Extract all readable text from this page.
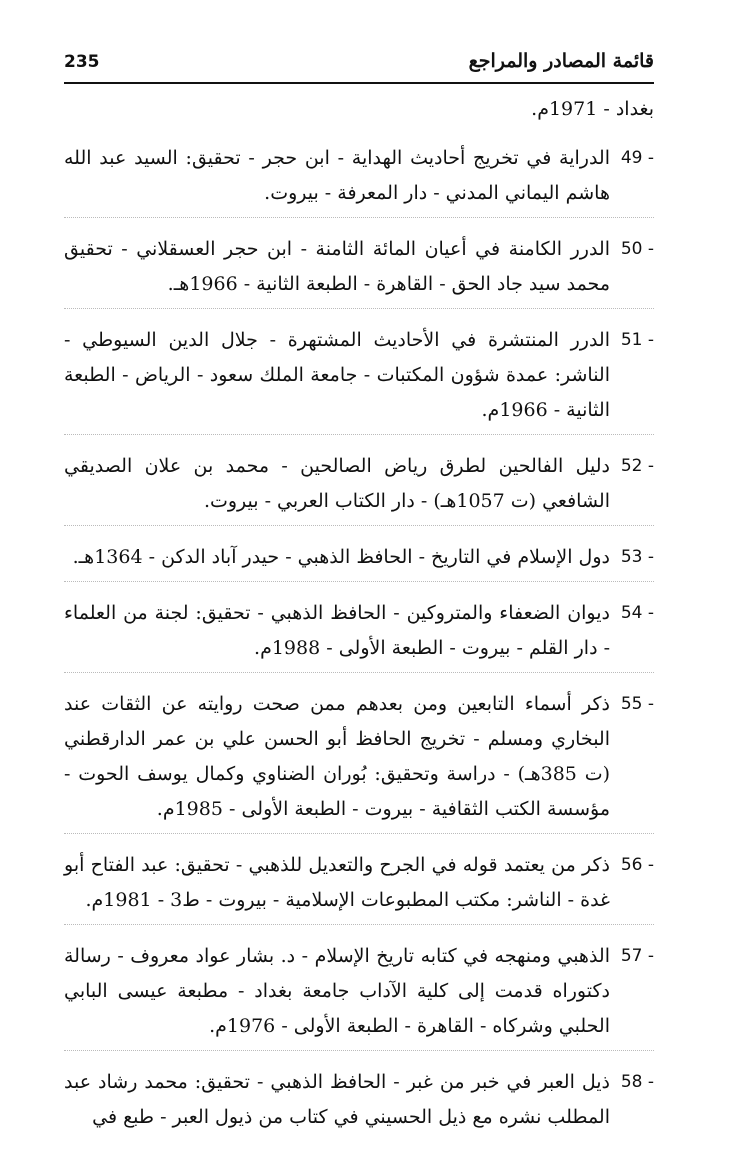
235	قائمة المصادر والمراجع

بغداد - 1971م.

49 -
الدراية في تخريج أحاديث الهداية - ابن حجر - تحقيق: السيد عبد الله هاشم اليماني المدني - دار المعرفة - بيروت.
50 -
الدرر الكامنة في أعيان المائة الثامنة - ابن حجر العسقلاني - تحقيق محمد سيد جاد الحق - القاهرة - الطبعة الثانية - 1966هـ.
51 -
الدرر المنتشرة في الأحاديث المشتهرة - جلال الدين السيوطي - الناشر: عمدة شؤون المكتبات - جامعة الملك سعود - الرياض - الطبعة الثانية - 1966م.
52 -
دليل الفالحين لطرق رياض الصالحين - محمد بن علان الصديقي الشافعي (ت 1057هـ) - دار الكتاب العربي - بيروت.
53 -
دول الإسلام في التاريخ - الحافظ الذهبي - حيدر آباد الدكن - 1364هـ.
54 -
ديوان الضعفاء والمتروكين - الحافظ الذهبي - تحقيق: لجنة من العلماء - دار القلم - بيروت - الطبعة الأولى - 1988م.
55 -
ذكر أسماء التابعين ومن بعدهم ممن صحت روايته عن الثقات عند البخاري ومسلم - تخريج الحافظ أبو الحسن علي بن عمر الدارقطني (ت 385هـ) - دراسة وتحقيق: بُوران الضناوي وكمال يوسف الحوت - مؤسسة الكتب الثقافية - بيروت - الطبعة الأولى - 1985م.
56 -
ذكر من يعتمد قوله في الجرح والتعديل للذهبي - تحقيق: عبد الفتاح أبو غدة - الناشر: مكتب المطبوعات الإسلامية - بيروت - ط3 - 1981م.
57 -
الذهبي ومنهجه في كتابه تاريخ الإسلام - د. بشار عواد معروف - رسالة دكتوراه قدمت إلى كلية الآداب جامعة بغداد - مطبعة عيسى البابي الحلبي وشركاه - القاهرة - الطبعة الأولى - 1976م.
58 -
ذيل العبر في خبر من غبر - الحافظ الذهبي - تحقيق: محمد رشاد عبد المطلب نشره مع ذيل الحسيني في كتاب من ذيول العبر - طبع في
